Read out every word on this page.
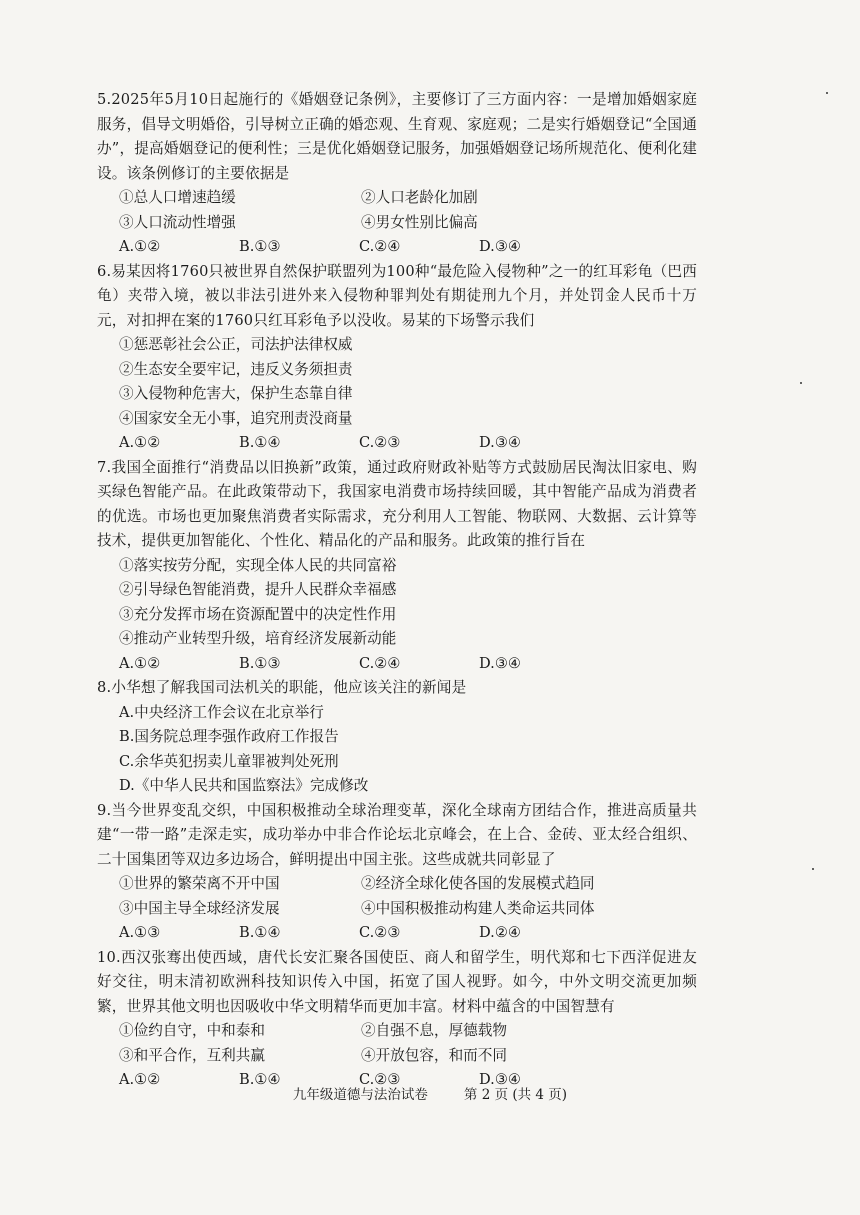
5.2025年5月10日起施行的《婚姻登记条例》，主要修订了三方面内容：一是增加婚姻家庭服务，倡导文明婚俗，引导树立正确的婚恋观、生育观、家庭观；二是实行婚姻登记“全国通办”，提高婚姻登记的便利性；三是优化婚姻登记服务，加强婚姻登记场所规范化、便利化建设。该条例修订的主要依据是
①总人口增速趋缓	②人口老龄化加剧
③人口流动性增强	④男女性别比偏高
A.①②	B.①③	C.②④	D.③④
6.易某因将1760只被世界自然保护联盟列为100种“最危险入侵物种”之一的红耳彩龟（巴西龟）夹带入境，被以非法引进外来入侵物种罪判处有期徒刑九个月，并处罚金人民币十万元，对扣押在案的1760只红耳彩龟予以没收。易某的下场警示我们
①惩恶彰社会公正，司法护法律权威
②生态安全要牢记，违反义务须担责
③入侵物种危害大，保护生态靠自律
④国家安全无小事，追究刑责没商量
A.①②	B.①④	C.②③	D.③④
7.我国全面推行“消费品以旧换新”政策，通过政府财政补贴等方式鼓励居民淘汰旧家电、购买绿色智能产品。在此政策带动下，我国家电消费市场持续回暖，其中智能产品成为消费者的优选。市场也更加聚焦消费者实际需求，充分利用人工智能、物联网、大数据、云计算等技术，提供更加智能化、个性化、精品化的产品和服务。此政策的推行旨在
①落实按劳分配，实现全体人民的共同富裕
②引导绿色智能消费，提升人民群众幸福感
③充分发挥市场在资源配置中的决定性作用
④推动产业转型升级，培育经济发展新动能
A.①②	B.①③	C.②④	D.③④
8.小华想了解我国司法机关的职能，他应该关注的新闻是
A.中央经济工作会议在北京举行
B.国务院总理李强作政府工作报告
C.余华英犯拐卖儿童罪被判处死刑
D.《中华人民共和国监察法》完成修改
9.当今世界变乱交织，中国积极推动全球治理变革，深化全球南方团结合作，推进高质量共建“一带一路”走深走实，成功举办中非合作论坛北京峰会，在上合、金砖、亚太经合组织、二十国集团等双边多边场合，鲜明提出中国主张。这些成就共同彰显了
①世界的繁荣离不开中国	②经济全球化使各国的发展模式趋同
③中国主导全球经济发展	④中国积极推动构建人类命运共同体
A.①③	B.①④	C.②③	D.②④
10.西汉张骞出使西域，唐代长安汇聚各国使臣、商人和留学生，明代郑和七下西洋促进友好交往，明末清初欧洲科技知识传入中国，拓宽了国人视野。如今，中外文明交流更加频繁，世界其他文明也因吸收中华文明精华而更加丰富。材料中蕴含的中国智慧有
①俭约自守，中和泰和	②自强不息，厚德载物
③和平合作，互利共赢	④开放包容，和而不同
A.①②	B.①④	C.②③	D.③④
九年级道德与法治试卷	第 2 页 (共 4 页)
